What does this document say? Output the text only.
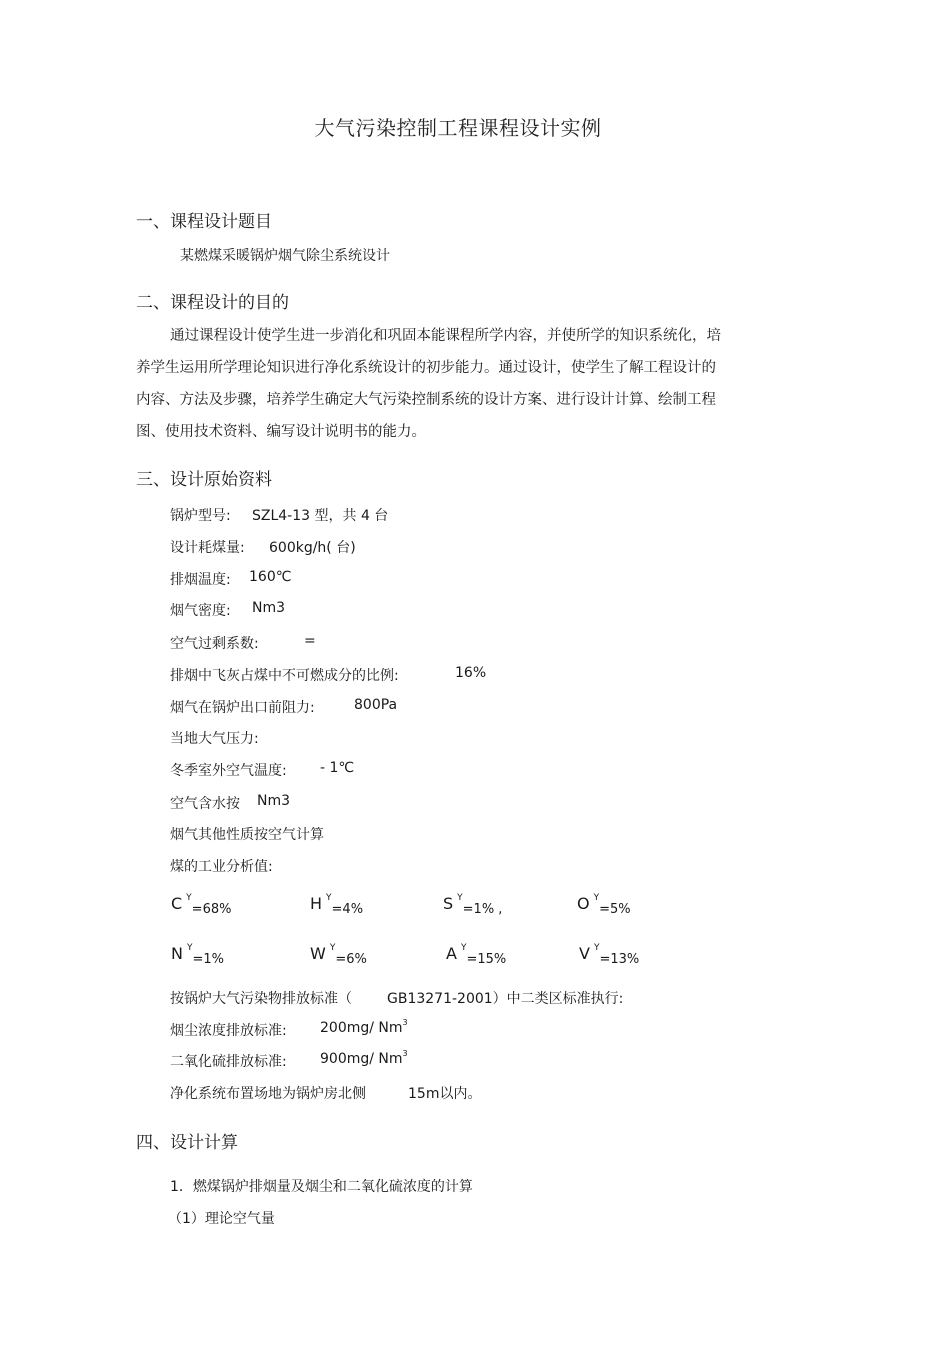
大气污染控制工程课程设计实例
一、课程设计题目
某燃煤采暖锅炉烟气除尘系统设计
二、课程设计的目的
通过课程设计使学生进一步消化和巩固本能课程所学内容，并使所学的知识系统化，培
养学生运用所学理论知识进行净化系统设计的初步能力。通过设计，使学生了解工程设计的
内容、方法及步骤，培养学生确定大气污染控制系统的设计方案、进行设计计算、绘制工程
图、使用技术资料、编写设计说明书的能力。
三、设计原始资料
锅炉型号: SZL4-13 型，共 4 台
设计耗煤量: 600kg/h( 台)
排烟温度: 160℃
烟气密度: Nm3
空气过剩系数:	=
排烟中飞灰占煤中不可燃成分的比例:	16%
烟气在锅炉出口前阻力:	800Pa
当地大气压力:
冬季室外空气温度: - 1℃
空气含水按 Nm3
烟气其他性质按空气计算
煤的工业分析值:
C $^Y$=68%	H $^Y$=4%	S $^Y$=1% ,	O $^Y$=5%
N $^Y$=1%	W $^Y$=6%	A $^Y$=15%	V $^Y$=13%
按锅炉大气污染物排放标准（	GB13271-2001）中二类区标准执行:
烟尘浓度排放标准: 200mg/ Nm$^3$
二氧化硫排放标准: 900mg/ Nm$^3$
净化系统布置场地为锅炉房北侧	15m以内。
四、设计计算
1．燃煤锅炉排烟量及烟尘和二氧化硫浓度的计算
（1）理论空气量
